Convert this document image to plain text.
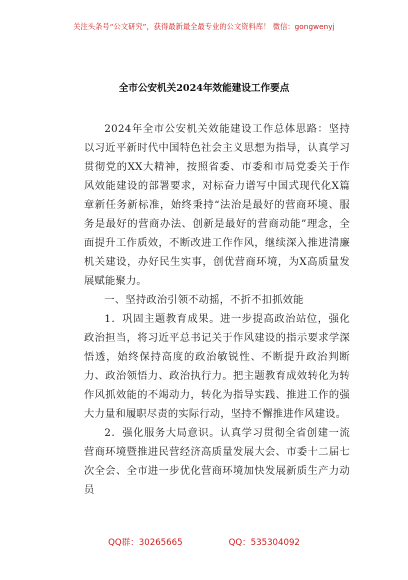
关注头条号“公文研究”，获得最新最全最专业的公文资料库！ 微信：gongwenyj
全市公安机关2024年效能建设工作要点

2024年全市公安机关效能建设工作总体思路：坚持以习近平新时代中国特色社会主义思想为指导，认真学习贯彻党的XX大精神，按照省委、市委和市局党委关于作风效能建设的部署要求，对标奋力谱写中国式现代化X篇章新任务新标准，始终秉持“法治是最好的营商环境、服务是最好的营商办法、创新是最好的营商动能”理念，全面提升工作质效，不断改进工作作风，继续深入推进清廉机关建设，办好民生实事，创优营商环境，为X高质量发展赋能聚力。

一、坚持政治引领不动摇，不折不扣抓效能

1．巩固主题教育成果。进一步提高政治站位，强化政治担当，将习近平总书记关于作风建设的指示要求学深悟透，始终保持高度的政治敏锐性、不断提升政治判断力、政治领悟力、政治执行力。把主题教育成效转化为转作风抓效能的不竭动力，转化为指导实践、推进工作的强大力量和履职尽责的实际行动，坚持不懈推进作风建设。

2．强化服务大局意识。认真学习贯彻全省创建一流营商环境暨推进民营经济高质量发展大会、市委十二届七次全会、全市进一步优化营商环境加快发展新质生产力动员

QQ群：30265665	QQ：535304092
